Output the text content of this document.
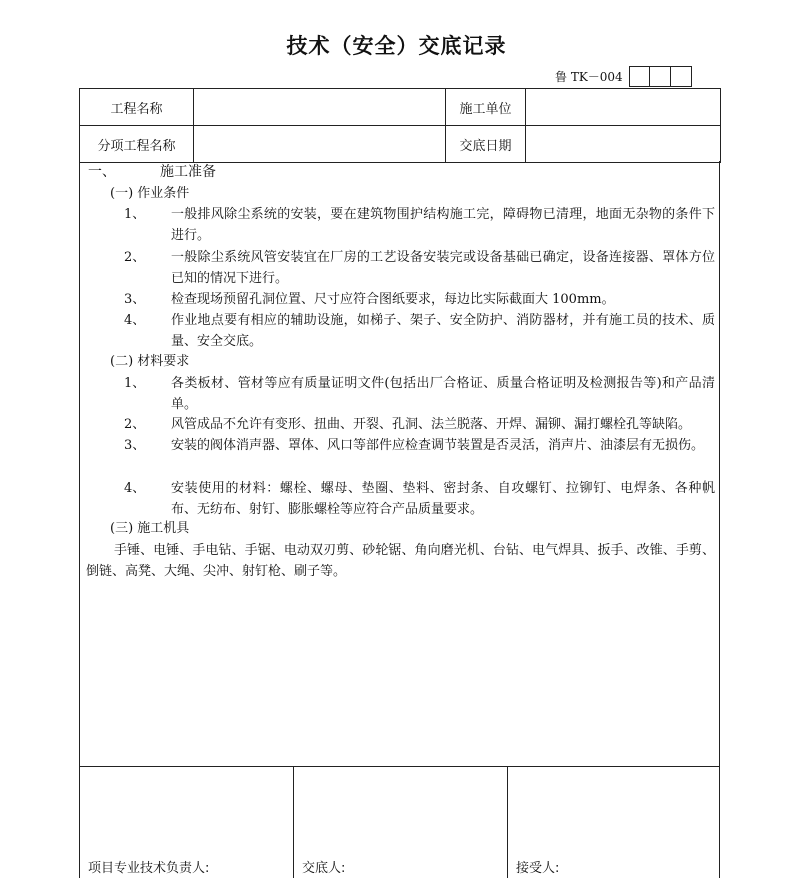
技术（安全）交底记录
鲁 TK－004
工程名称		施工单位	
分项工程名称		交底日期	
一、	施工准备
(一) 作业条件
1、 一般排风除尘系统的安装，要在建筑物围护结构施工完，障碍物已清理，地面无杂物的条件下进行。
2、 一般除尘系统风管安装宜在厂房的工艺设备安装完或设备基础已确定，设备连接器、罩体方位已知的情况下进行。
3、 检查现场预留孔洞位置、尺寸应符合图纸要求，每边比实际截面大 100mm。
4、 作业地点要有相应的辅助设施，如梯子、架子、安全防护、消防器材，并有施工员的技术、质量、安全交底。
(二) 材料要求
1、 各类板材、管材等应有质量证明文件(包括出厂合格证、质量合格证明及检测报告等)和产品清单。
2、 风管成品不允许有变形、扭曲、开裂、孔洞、法兰脱落、开焊、漏铆、漏打螺栓孔等缺陷。
3、 安装的阀体消声器、罩体、风口等部件应检查调节装置是否灵活，消声片、油漆层有无损伤。
4、 安装使用的材料：螺栓、螺母、垫圈、垫料、密封条、自攻螺钉、拉铆钉、电焊条、各种帆布、无纺布、射钉、膨胀螺栓等应符合产品质量要求。
(三) 施工机具
手锤、电锤、手电钻、手锯、电动双刃剪、砂轮锯、角向磨光机、台钻、电气焊具、扳手、改锥、手剪、倒链、高凳、大绳、尖冲、射钉枪、刷子等。
项目专业技术负责人:	交底人:	接受人:
